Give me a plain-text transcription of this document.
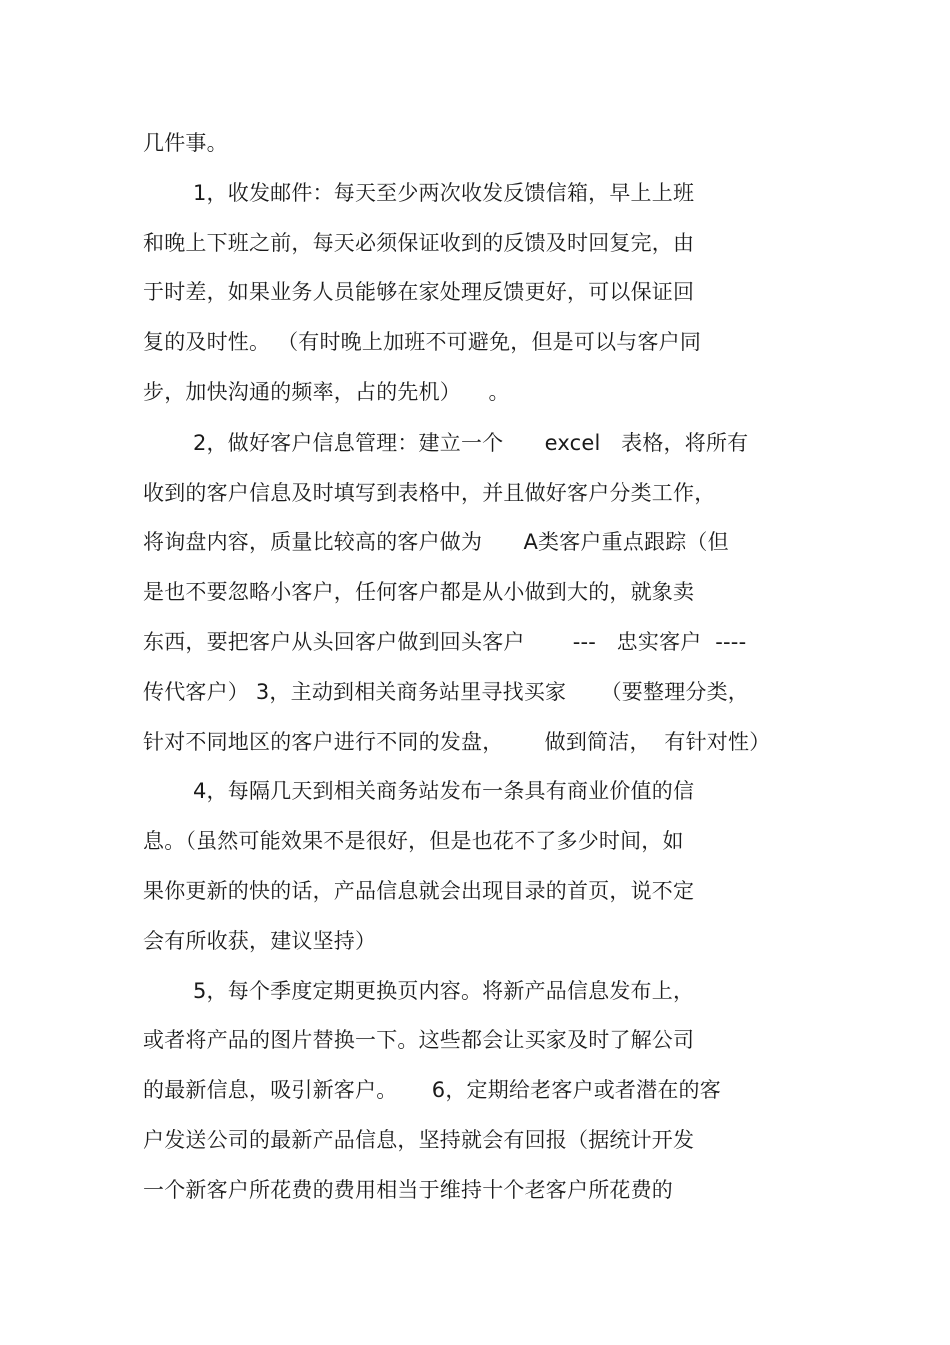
几件事。
1，收发邮件：每天至少两次收发反馈信箱，早上上班
和晚上下班之前，每天必须保证收到的反馈及时回复完，由
于时差，如果业务人员能够在家处理反馈更好，可以保证回
复的及时性。 （有时晚上加班不可避免，但是可以与客户同
步，加快沟通的频率，占的先机）    。
2，做好客户信息管理：建立一个      excel   表格，将所有
收到的客户信息及时填写到表格中，并且做好客户分类工作，
将询盘内容，质量比较高的客户做为      A类客户重点跟踪（但
是也不要忽略小客户，任何客户都是从小做到大的，就象卖
东西，要把客户从头回客户做到回头客户       ---   忠实客户  ----
传代客户） 3，主动到相关商务站里寻找买家     （要整理分类，
针对不同地区的客户进行不同的发盘，      做到简洁，  有针对性）
4，每隔几天到相关商务站发布一条具有商业价值的信
息。（虽然可能效果不是很好，但是也花不了多少时间，如
果你更新的快的话，产品信息就会出现目录的首页，说不定
会有所收获，建议坚持）
5，每个季度定期更换页内容。将新产品信息发布上，
或者将产品的图片替换一下。这些都会让买家及时了解公司
的最新信息，吸引新客户。     6，定期给老客户或者潜在的客
户发送公司的最新产品信息，坚持就会有回报（据统计开发
一个新客户所花费的费用相当于维持十个老客户所花费的
